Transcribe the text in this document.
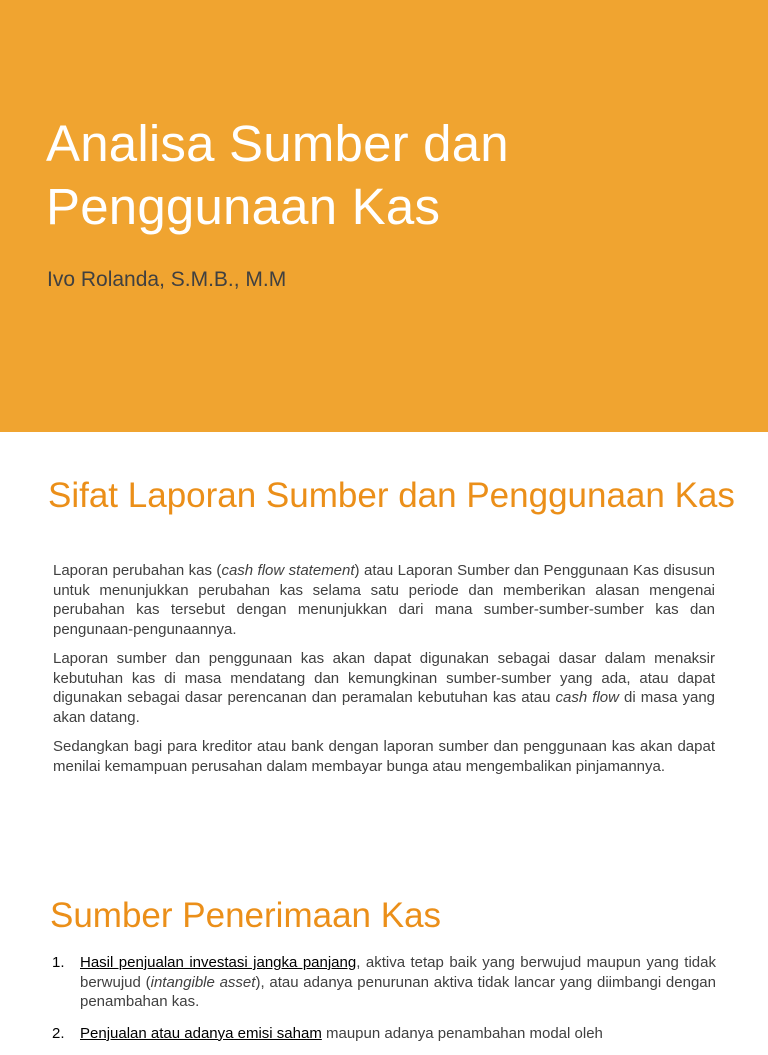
Analisa Sumber dan
Penggunaan Kas

Ivo Rolanda, S.M.B., M.M

Sifat Laporan Sumber dan Penggunaan Kas

Laporan perubahan kas (cash flow statement) atau Laporan Sumber dan Penggunaan Kas disusun untuk menunjukkan perubahan kas selama satu periode dan memberikan alasan mengenai perubahan kas tersebut dengan menunjukkan dari mana sumber-sumber-sumber kas dan pengunaan-pengunaannya.

Laporan sumber dan penggunaan kas akan dapat digunakan sebagai dasar dalam menaksir kebutuhan kas di masa mendatang dan kemungkinan sumber-sumber yang ada, atau dapat digunakan sebagai dasar perencanan dan peramalan kebutuhan kas atau cash flow di masa yang akan datang.

Sedangkan bagi para kreditor atau bank dengan laporan sumber dan penggunaan kas akan dapat menilai kemampuan perusahan dalam membayar bunga atau mengembalikan pinjamannya.

Sumber Penerimaan Kas
1. Hasil penjualan investasi jangka panjang, aktiva tetap baik yang berwujud maupun yang tidak berwujud (intangible asset), atau adanya penurunan aktiva tidak lancar yang diimbangi dengan penambahan kas.
2. Penjualan atau adanya emisi saham maupun adanya penambahan modal oleh
